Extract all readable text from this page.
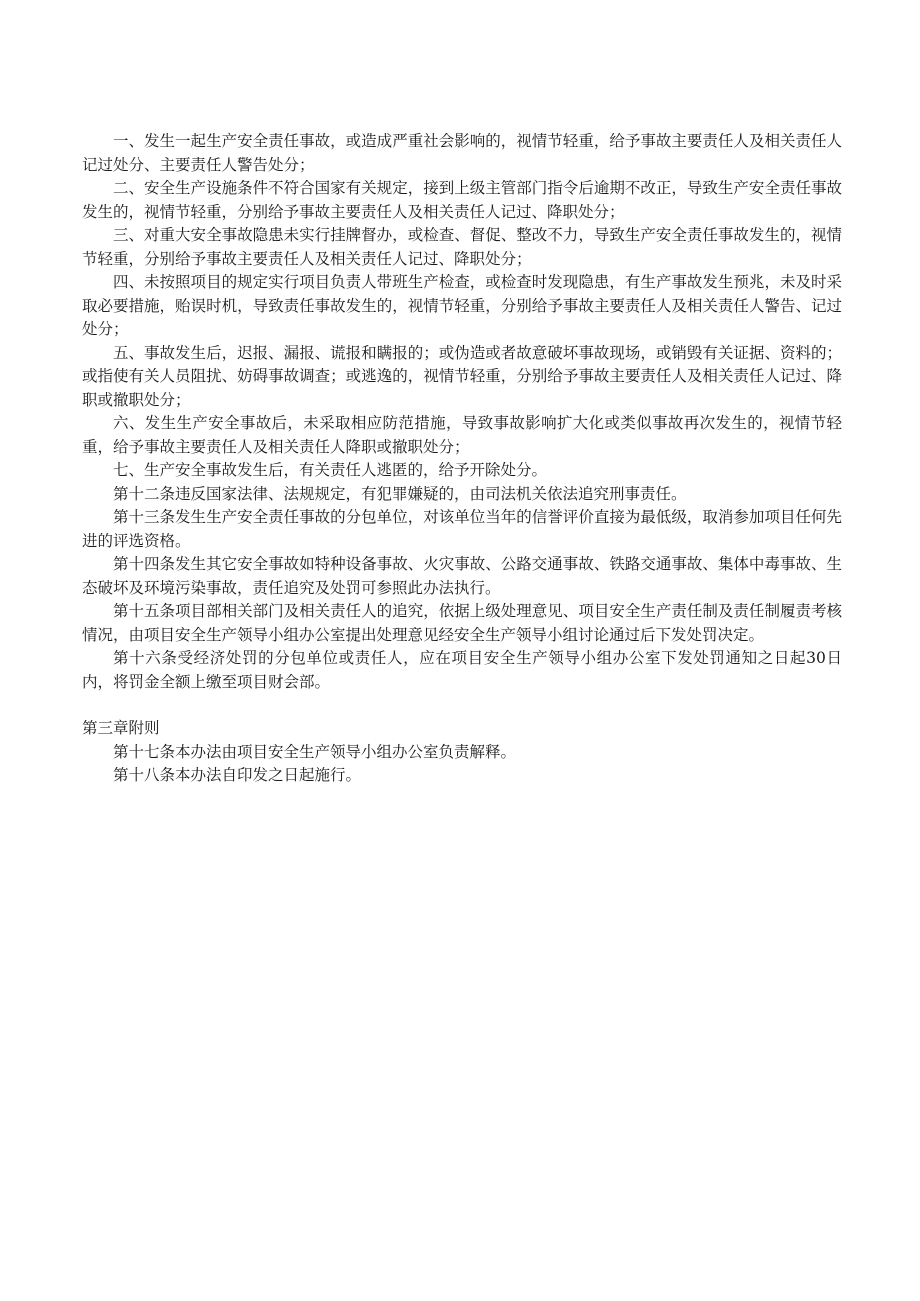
一、发生一起生产安全责任事故，或造成严重社会影响的，视情节轻重，给予事故主要责任人及相关责任人记过处分、主要责任人警告处分；

二、安全生产设施条件不符合国家有关规定，接到上级主管部门指令后逾期不改正，导致生产安全责任事故发生的，视情节轻重，分别给予事故主要责任人及相关责任人记过、降职处分；

三、对重大安全事故隐患未实行挂牌督办，或检查、督促、整改不力，导致生产安全责任事故发生的，视情节轻重，分别给予事故主要责任人及相关责任人记过、降职处分；

四、未按照项目的规定实行项目负责人带班生产检查，或检查时发现隐患，有生产事故发生预兆，未及时采取必要措施，贻误时机，导致责任事故发生的，视情节轻重，分别给予事故主要责任人及相关责任人警告、记过处分；

五、事故发生后，迟报、漏报、谎报和瞒报的；或伪造或者故意破坏事故现场，或销毁有关证据、资料的；或指使有关人员阻扰、妨碍事故调查；或逃逸的，视情节轻重，分别给予事故主要责任人及相关责任人记过、降职或撤职处分；

六、发生生产安全事故后，未采取相应防范措施，导致事故影响扩大化或类似事故再次发生的，视情节轻重，给予事故主要责任人及相关责任人降职或撤职处分；

七、生产安全事故发生后，有关责任人逃匿的，给予开除处分。

第十二条违反国家法律、法规规定，有犯罪嫌疑的，由司法机关依法追究刑事责任。

第十三条发生生产安全责任事故的分包单位，对该单位当年的信誉评价直接为最低级，取消参加项目任何先进的评选资格。

第十四条发生其它安全事故如特种设备事故、火灾事故、公路交通事故、铁路交通事故、集体中毒事故、生态破坏及环境污染事故，责任追究及处罚可参照此办法执行。

第十五条项目部相关部门及相关责任人的追究，依据上级处理意见、项目安全生产责任制及责任制履责考核情况，由项目安全生产领导小组办公室提出处理意见经安全生产领导小组讨论通过后下发处罚决定。

第十六条受经济处罚的分包单位或责任人，应在项目安全生产领导小组办公室下发处罚通知之日起30日内，将罚金全额上缴至项目财会部。

第三章附则

第十七条本办法由项目安全生产领导小组办公室负责解释。

第十八条本办法自印发之日起施行。
